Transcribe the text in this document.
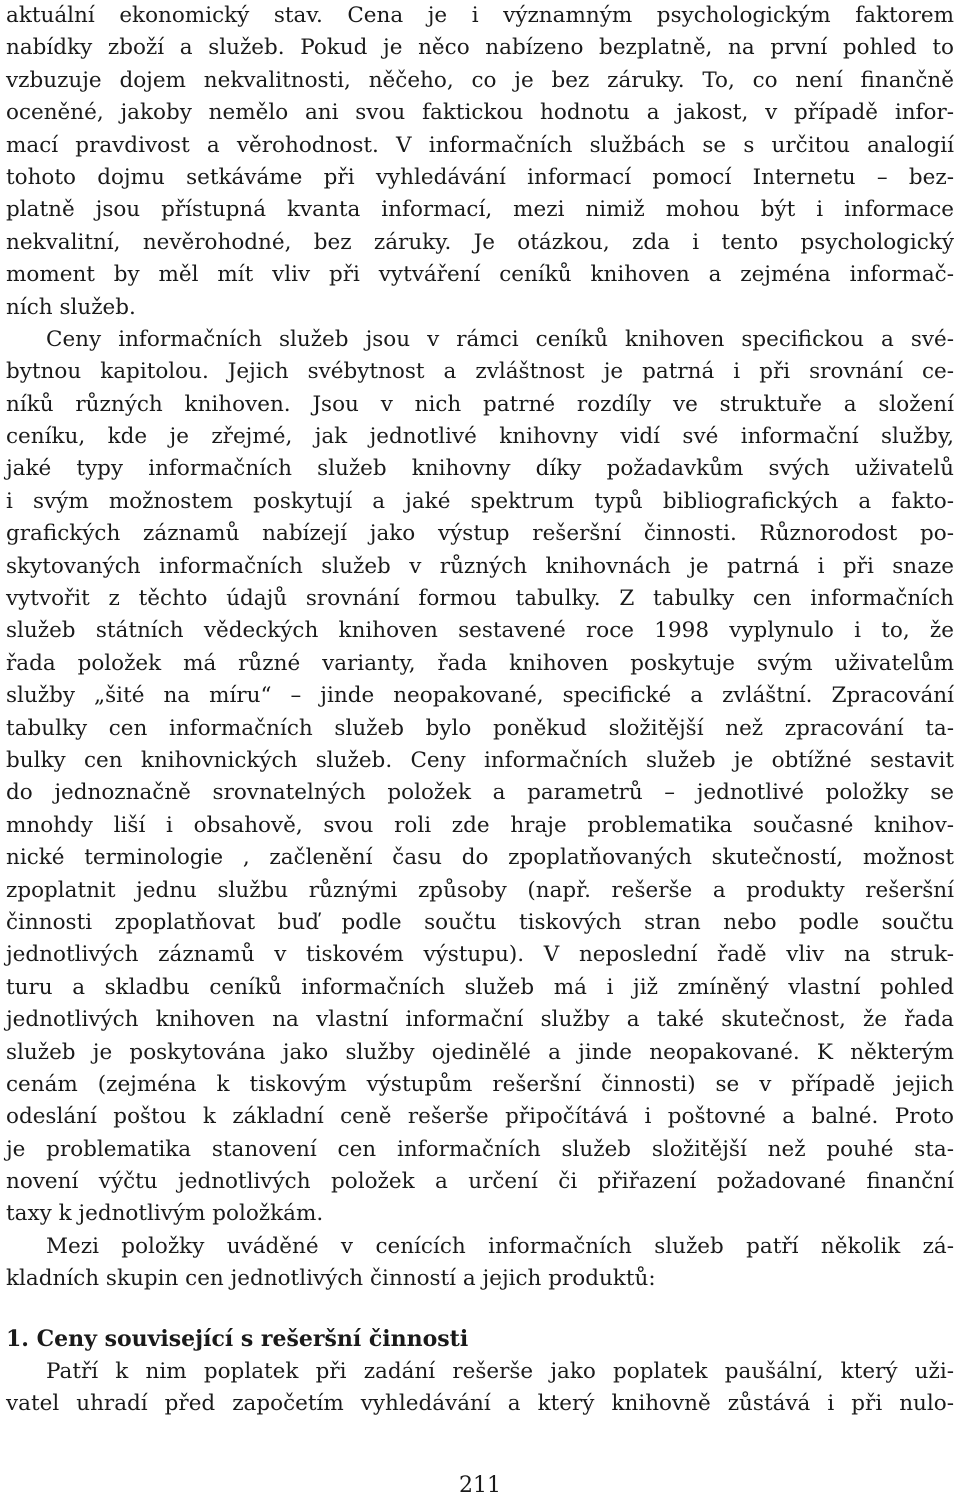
aktuální ekonomický stav. Cena je i významným psychologickým faktorem
nabídky zboží a služeb. Pokud je něco nabízeno bezplatně, na první pohled to
vzbuzuje dojem nekvalitnosti, něčeho, co je bez záruky. To, co není finančně
oceněné, jakoby nemělo ani svou faktickou hodnotu a jakost, v případě infor-
mací pravdivost a věrohodnost. V informačních službách se s určitou analogií
tohoto dojmu setkáváme při vyhledávání informací pomocí Internetu – bez-
platně jsou přístupná kvanta informací, mezi nimiž mohou být i informace
nekvalitní, nevěrohodné, bez záruky. Je otázkou, zda i tento psychologický
moment by měl mít vliv při vytváření ceníků knihoven a zejména informač-
ních služeb.
Ceny informačních služeb jsou v rámci ceníků knihoven specifickou a své-
bytnou kapitolou. Jejich svébytnost a zvláštnost je patrná i při srovnání ce-
níků různých knihoven. Jsou v nich patrné rozdíly ve struktuře a složení
ceníku, kde je zřejmé, jak jednotlivé knihovny vidí své informační služby,
jaké typy informačních služeb knihovny díky požadavkům svých uživatelů
i svým možnostem poskytují a jaké spektrum typů bibliografických a fakto-
grafických záznamů nabízejí jako výstup rešeršní činnosti. Různorodost po-
skytovaných informačních služeb v různých knihovnách je patrná i při snaze
vytvořit z těchto údajů srovnání formou tabulky. Z tabulky cen informačních
služeb státních vědeckých knihoven sestavené roce 1998 vyplynulo i to, že
řada položek má různé varianty, řada knihoven poskytuje svým uživatelům
služby „šité na míru“ – jinde neopakované, specifické a zvláštní. Zpracování
tabulky cen informačních služeb bylo poněkud složitější než zpracování ta-
bulky cen knihovnických služeb. Ceny informačních služeb je obtížné sestavit
do jednoznačně srovnatelných položek a parametrů – jednotlivé položky se
mnohdy liší i obsahově, svou roli zde hraje problematika současné knihov-
nické terminologie , začlenění času do zpoplatňovaných skutečností, možnost
zpoplatnit jednu službu různými způsoby (např. rešerše a produkty rešeršní
činnosti zpoplatňovat buď podle součtu tiskových stran nebo podle součtu
jednotlivých záznamů v tiskovém výstupu). V neposlední řadě vliv na struk-
turu a skladbu ceníků informačních služeb má i již zmíněný vlastní pohled
jednotlivých knihoven na vlastní informační služby a také skutečnost, že řada
služeb je poskytována jako služby ojedinělé a jinde neopakované. K některým
cenám (zejména k tiskovým výstupům rešeršní činnosti) se v případě jejich
odeslání poštou k základní ceně rešerše připočítává i poštovné a balné. Proto
je problematika stanovení cen informačních služeb složitější než pouhé sta-
novení výčtu jednotlivých položek a určení či přiřazení požadované finanční
taxy k jednotlivým položkám.
Mezi položky uváděné v cenících informačních služeb patří několik zá-
kladních skupin cen jednotlivých činností a jejich produktů:
1. Ceny související s rešeršní činnosti
Patří k nim poplatek při zadání rešerše jako poplatek paušální, který uži-
vatel uhradí před započetím vyhledávání a který knihovně zůstává i při nulo-
211
